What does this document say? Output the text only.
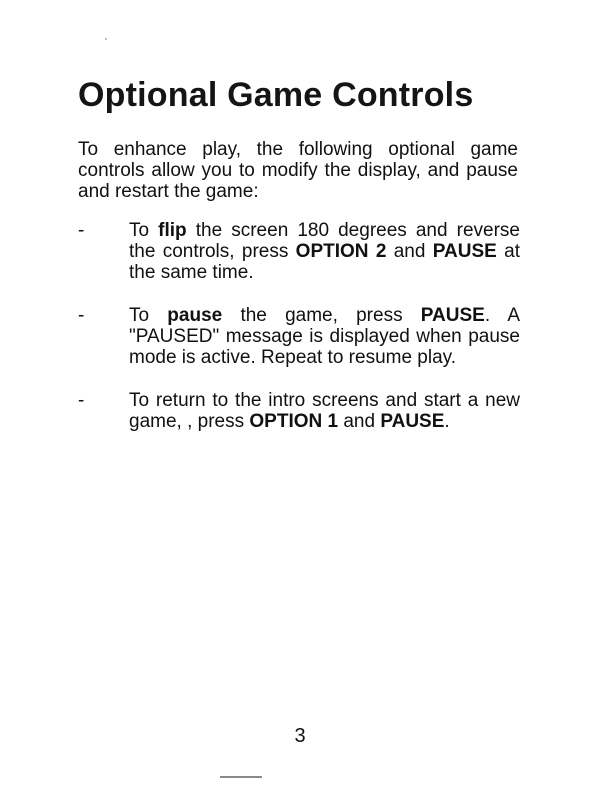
Optional Game Controls

To enhance play, the following optional game controls allow you to modify the display, and pause and restart the game:

- To flip the screen 180 degrees and reverse the controls, press OPTION 2 and PAUSE at the same time.
- To pause the game, press PAUSE. A "PAUSED" message is displayed when pause mode is active. Repeat to resume play.
- To return to the intro screens and start a new game, , press OPTION 1 and PAUSE.
3
